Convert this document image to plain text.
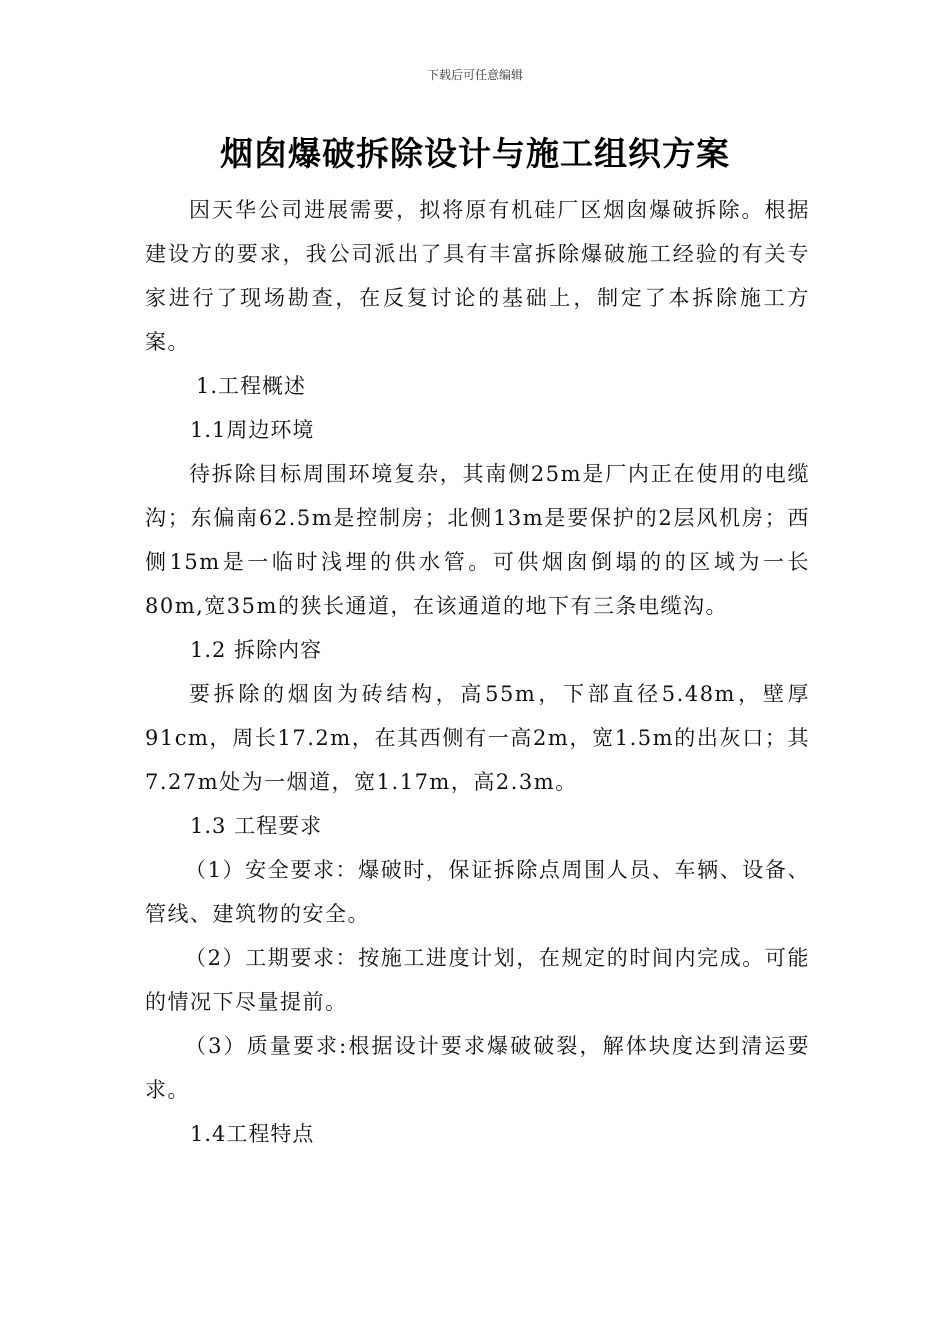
下载后可任意编辑
烟囱爆破拆除设计与施工组织方案

因天华公司进展需要，拟将原有机硅厂区烟囱爆破拆除。根据建设方的要求，我公司派出了具有丰富拆除爆破施工经验的有关专家进行了现场勘查，在反复讨论的基础上，制定了本拆除施工方案。

1.工程概述

1.1周边环境

待拆除目标周围环境复杂，其南侧25m是厂内正在使用的电缆沟；东偏南62.5m是控制房；北侧13m是要保护的2层风机房；西侧15m是一临时浅埋的供水管。可供烟囱倒塌的的区域为一长80m,宽35m的狭长通道，在该通道的地下有三条电缆沟。

1.2 拆除内容

要拆除的烟囱为砖结构，高55m，下部直径5.48m，壁厚91cm，周长17.2m，在其西侧有一高2m，宽1.5m的出灰口；其7.27m处为一烟道，宽1.17m，高2.3m。

1.3 工程要求

（1）安全要求：爆破时，保证拆除点周围人员、车辆、设备、管线、建筑物的安全。

（2）工期要求：按施工进度计划，在规定的时间内完成。可能的情况下尽量提前。

（3）质量要求:根据设计要求爆破破裂，解体块度达到清运要求。

1.4工程特点
